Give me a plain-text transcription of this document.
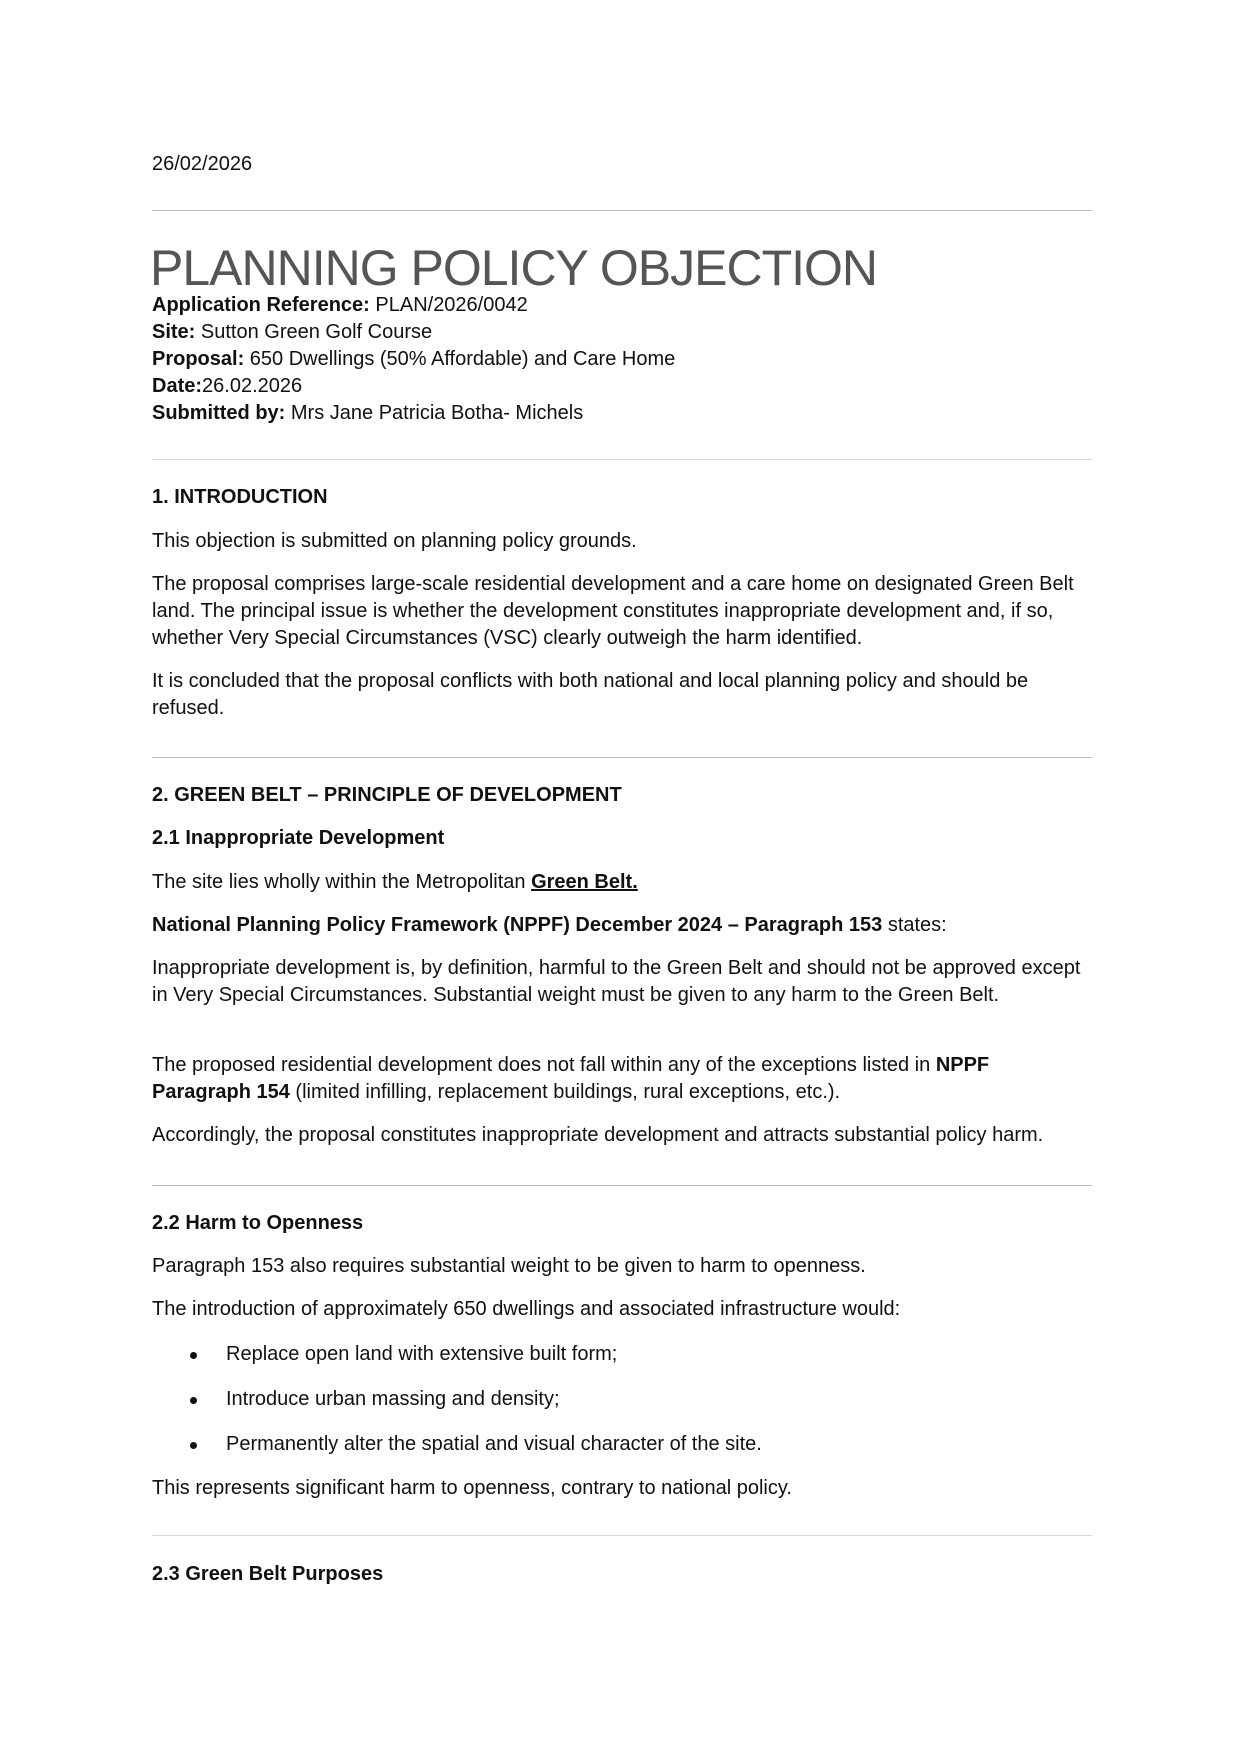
26/02/2026
PLANNING POLICY OBJECTION
Application Reference: PLAN/2026/0042
Site: Sutton Green Golf Course
Proposal: 650 Dwellings (50% Affordable) and Care Home
Date:26.02.2026
Submitted by: Mrs Jane Patricia Botha- Michels
1. INTRODUCTION
This objection is submitted on planning policy grounds.
The proposal comprises large-scale residential development and a care home on designated Green Belt land. The principal issue is whether the development constitutes inappropriate development and, if so, whether Very Special Circumstances (VSC) clearly outweigh the harm identified.
It is concluded that the proposal conflicts with both national and local planning policy and should be refused.
2. GREEN BELT – PRINCIPLE OF DEVELOPMENT
2.1 Inappropriate Development
The site lies wholly within the Metropolitan Green Belt.
National Planning Policy Framework (NPPF) December 2024 – Paragraph 153 states:
Inappropriate development is, by definition, harmful to the Green Belt and should not be approved except in Very Special Circumstances. Substantial weight must be given to any harm to the Green Belt.
The proposed residential development does not fall within any of the exceptions listed in NPPF Paragraph 154 (limited infilling, replacement buildings, rural exceptions, etc.).
Accordingly, the proposal constitutes inappropriate development and attracts substantial policy harm.
2.2 Harm to Openness
Paragraph 153 also requires substantial weight to be given to harm to openness.
The introduction of approximately 650 dwellings and associated infrastructure would:
Replace open land with extensive built form;
Introduce urban massing and density;
Permanently alter the spatial and visual character of the site.
This represents significant harm to openness, contrary to national policy.
2.3 Green Belt Purposes
